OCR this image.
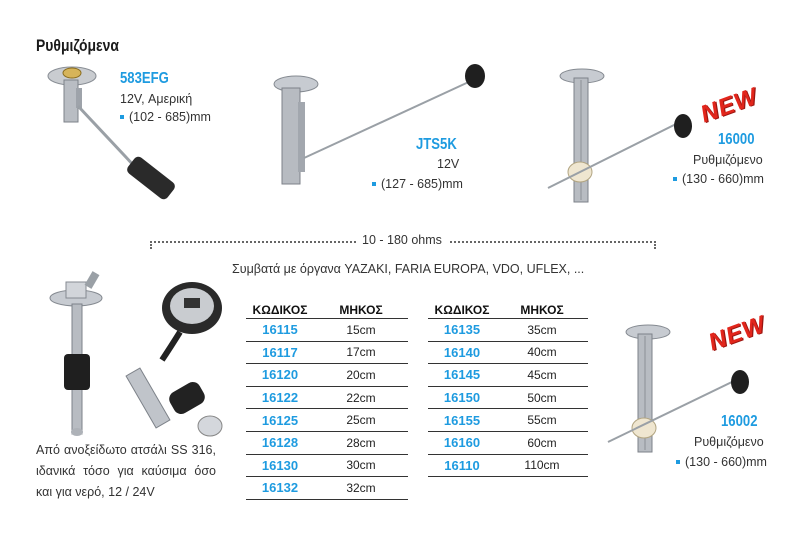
Ρυθμιζόμενα
583EFG
12V, Αμερική
(102 - 685)mm
JTS5K
12V
(127 - 685)mm
NEW
16000
Ρυθμιζόμενο
(130 - 660)mm
10 - 180 ohms
Συμβατά με όργανα YAZAKI, FARIA EUROPA, VDO, UFLEX, ...
Από ανοξείδωτο ατσάλι SS 316, ιδανικά τόσο για καύσιμα όσο και για νερό, 12 / 24V
ΚΩΔΙΚΟΣ	ΜΗΚΟΣ
16115	15cm
16117	17cm
16120	20cm
16122	22cm
16125	25cm
16128	28cm
16130	30cm
16132	32cm
ΚΩΔΙΚΟΣ	ΜΗΚΟΣ
16135	35cm
16140	40cm
16145	45cm
16150	50cm
16155	55cm
16160	60cm
16110	110cm
NEW
16002
Ρυθμιζόμενο
(130 - 660)mm
